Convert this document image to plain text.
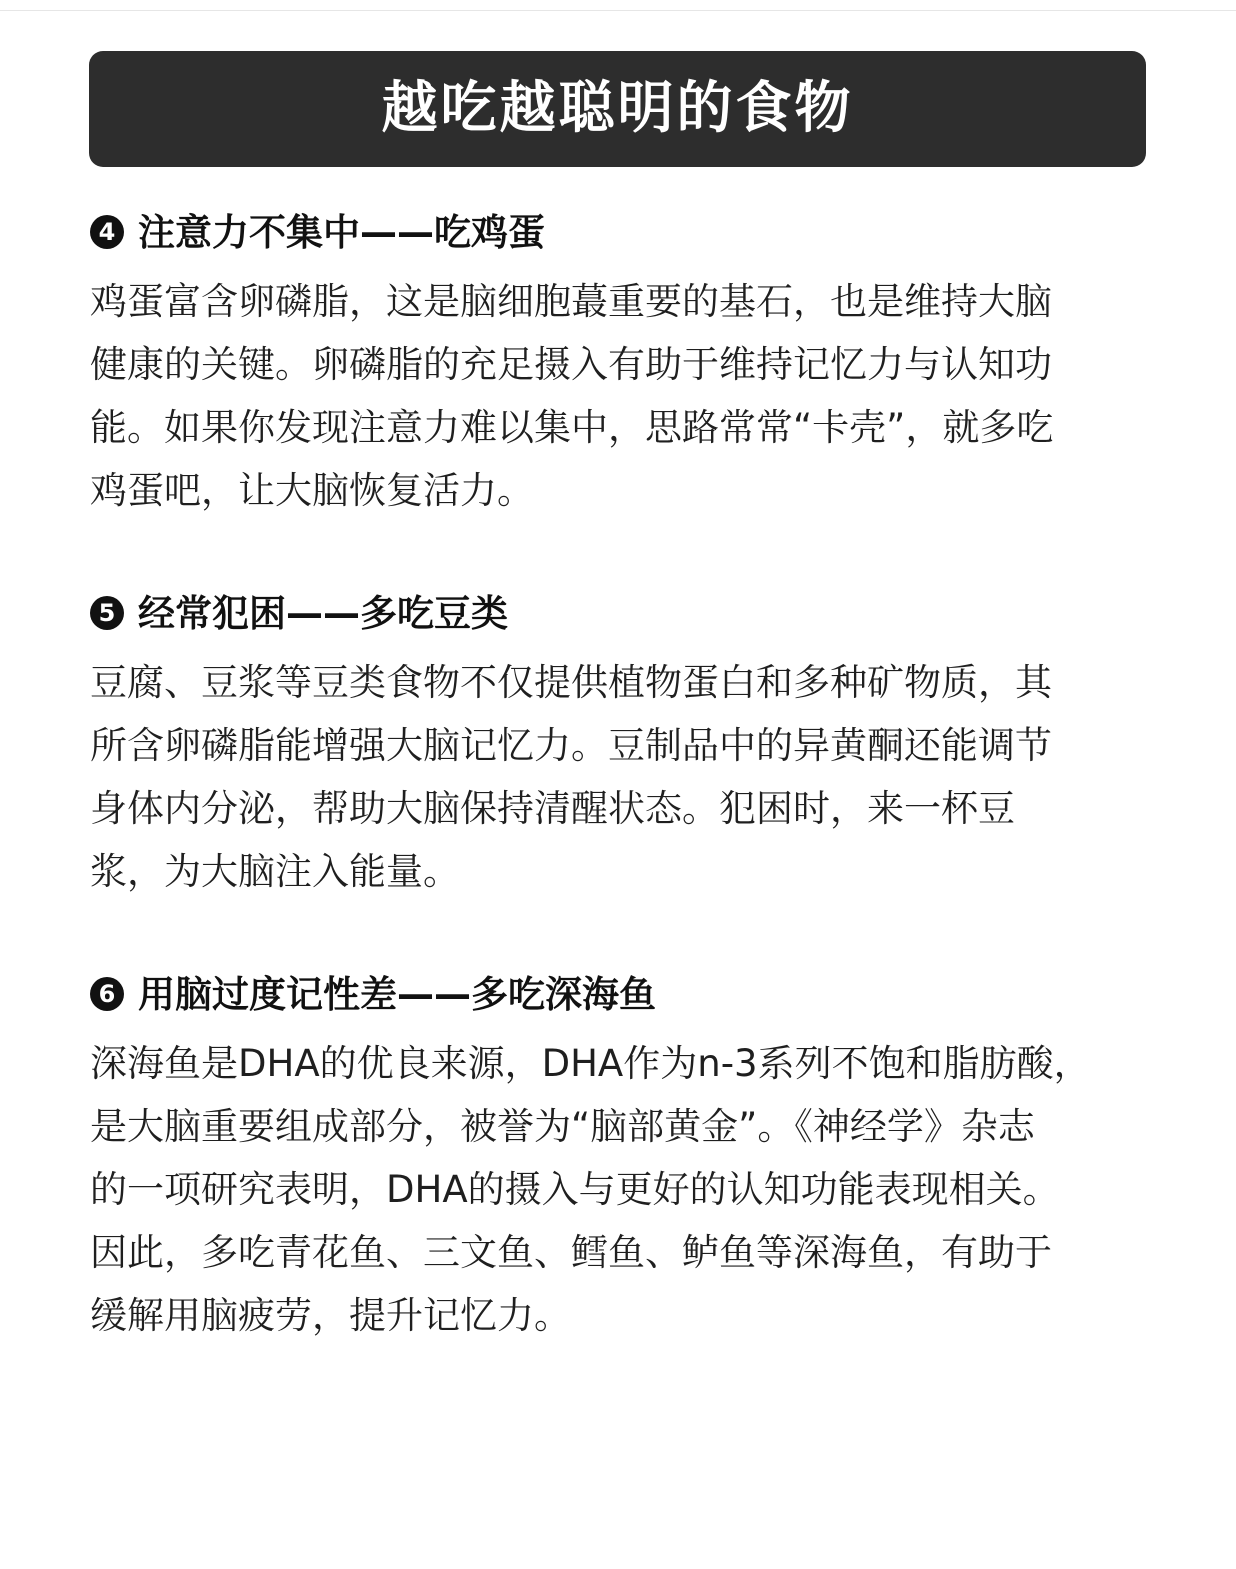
越吃越聪明的食物
4 注意力不集中——吃鸡蛋

鸡蛋富含卵磷脂，这是脑细胞蕞重要的基石，也是维持大脑

健康的关键。卵磷脂的充足摄入有助于维持记忆力与认知功

能。如果你发现注意力难以集中，思路常常“卡壳”，就多吃

鸡蛋吧，让大脑恢复活力。

5 经常犯困——多吃豆类

豆腐、豆浆等豆类食物不仅提供植物蛋白和多种矿物质，其

所含卵磷脂能增强大脑记忆力。豆制品中的异黄酮还能调节

身体内分泌，帮助大脑保持清醒状态。犯困时，来一杯豆

浆，为大脑注入能量。

6 用脑过度记性差——多吃深海鱼

深海鱼是DHA的优良来源，DHA作为n-3系列不饱和脂肪酸，

是大脑重要组成部分，被誉为“脑部黄金”。《神经学》杂志

的一项研究表明，DHA的摄入与更好的认知功能表现相关。

因此，多吃青花鱼、三文鱼、鳕鱼、鲈鱼等深海鱼，有助于

缓解用脑疲劳，提升记忆力。
